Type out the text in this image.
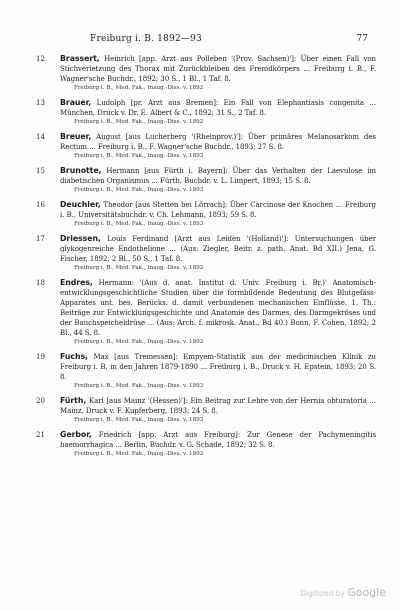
Freiburg i. B. 1892—93	77
12	Brassert, Heinrich [app. Arzt aus Polleben '(Prov. Sachsen)']: Über einen Fall von Stichverletzung des Thorax mit Zurückbleiben des Fremdkörpers ... Freiburg i. B., F. Wagner'sche Buchdr., 1892; 30 S., 1 Bl., 1 Taf. 8.
Freiburg i. B., Med. Fak., Inaug.-Diss. v. 1892
13	Brauer, Ludolph [pr. Arzt aus Bremen]: Ein Fall von Elephantiasis congenita ... München, Druck v. Dr. E. Albert & C., 1892; 31 S., 2 Taf. 8.
Freiburg i. B., Med. Fak., Inaug.-Diss. v. 1892
14	Breuer, August [aus Lucherberg '(Rheinprov.)']: Über primäres Melanosarkom des Rectum ... Freiburg i. B., F. Wagner'sche Buchdr., 1893; 27 S. 8.
Freiburg i. B., Med. Fak., Inaug.-Diss. v. 1893
15	Brunotte, Hermann [aus Fürth i. Bayern]: Über das Verhalten der Laevulose im diabetischen Organismus ... Fürth, Buchdr. v. L. Limpert, 1893; 15 S. 8.
Freiburg i. B., Med. Fak., Inaug.-Diss. v. 1893
16	Deuchler, Theodor [aus Stetten bei Lörrach]: Über Carcinose der Knochen ... Freiburg i. B., Universitätsbuchdr. v. Ch. Lehmann, 1893; 59 S. 8.
Freiburg i. B., Med. Fak., Inaug.-Diss. v. 1893
17	Driessen, Louis Ferdinand [Arzt aus Leiden '(Holland)']: Untersuchungen über glykogenreiche Endothelione ... (Aus: Ziegler, Beitr. z. path. Anat. Bd XII.) Jena, G. Fischer, 1892; 2 Bl., 50 S., 1 Taf. 8.
Freiburg i. B., Med. Fak., Inaug.-Diss. v. 1892
18	Endres, Hermann: '(Aus d. anat. Institut d. Univ. Freiburg i. Br.)' Anatomisch-entwicklungsgeschichtliche Studien über die formbildende Bedeutung des Blutgefäss-Apparates unt. bes. Berücks. d. damit verbundenen mechanischen Einflüsse. 1. Th.: Beiträge zur Entwicklungsgeschichte und Anatomie des Darmes, des Darmgekröses und der Bauchspeicheldrüse ... (Aus: Arch. f. mikrosk. Anat., Bd 40.) Bonn, F. Cohen, 1892; 2 Bl., 44 S. 8.
Freiburg i. B., Med. Fak., Inaug.-Diss. v. 1892
19	Fuchs, Max [aus Tremessen]: Empyem-Statistik aus der medicinischen Klinik zu Freiburg i. B. in den Jahren 1879-1890 ... Freiburg i. B., Druck v. H. Epstein, 1893; 20 S. 8.
Freiburg i. B., Med. Fak., Inaug.-Diss. v. 1893
20	Fürth, Karl [aus Mainz '(Hessen)']: Ein Beitrag zur Lehre von der Hernia obturatoria ... Mainz, Druck v. F. Kupferberg, 1893; 24 S. 8.
Freiburg i. B., Med. Fak., Inaug.-Diss. v. 1893
21	Gerbor, Friedrich [app. Arzt aus Freiburg]: Zur Genese der Pachymeningitis haemorrhagica ... Berlin, Buchdr. v. G. Schade, 1892; 32 S. 8.
Freiburg i. B., Med. Fak., Inaug.-Diss. v. 1892
Digitized by Google
